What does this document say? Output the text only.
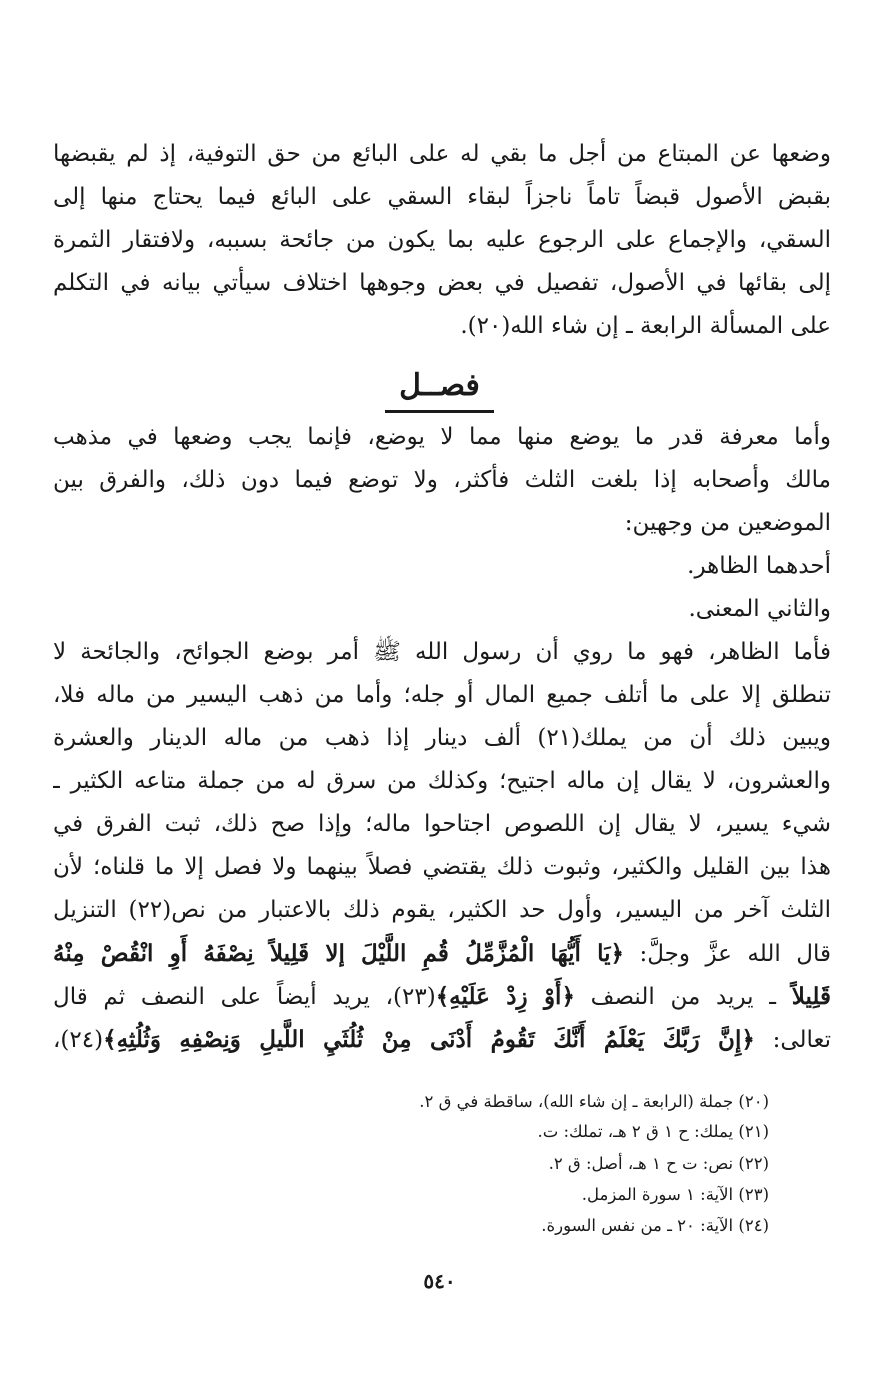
وضعها عن المبتاع من أجل ما بقي له على البائع من حق التوفية، إذ لم يقبضها
بقبض الأصول قبضاً تاماً ناجزاً لبقاء السقي على البائع فيما يحتاج منها إلى
السقي، والإجماع على الرجوع عليه بما يكون من جائحة بسببه، ولافتقار الثمرة
إلى بقائها في الأصول، تفصيل في بعض وجوهها اختلاف سيأتي بيانه في التكلم
على المسألة الرابعة ـ إن شاء الله(٢٠).
فصــل
وأما معرفة قدر ما يوضع منها مما لا يوضع، فإنما يجب وضعها في مذهب
مالك وأصحابه إذا بلغت الثلث فأكثر، ولا توضع فيما دون ذلك، والفرق بين
الموضعين من وجهين:
أحدهما الظاهر.
والثاني المعنى.
فأما الظاهر، فهو ما روي أن رسول الله ﷺ أمر بوضع الجوائح، والجائحة لا
تنطلق إلا على ما أتلف جميع المال أو جله؛ وأما من ذهب اليسير من ماله فلا،
ويبين ذلك أن من يملك(٢١) ألف دينار إذا ذهب من ماله الدينار والعشرة
والعشرون، لا يقال إن ماله اجتيح؛ وكذلك من سرق له من جملة متاعه الكثير ـ
شيء يسير، لا يقال إن اللصوص اجتاحوا ماله؛ وإذا صح ذلك، ثبت الفرق في
هذا بين القليل والكثير، وثبوت ذلك يقتضي فصلاً بينهما ولا فصل إلا ما قلناه؛ لأن
الثلث آخر من اليسير، وأول حد الكثير، يقوم ذلك بالاعتبار من نص(٢٢) التنزيل
قال الله عزَّ وجلَّ: ﴿يَا أَيُّهَا الْمُزَّمِّلُ قُمِ اللَّيْلَ إلا قَلِيلاً نِصْفَهُ أَوِ انْقُصْ مِنْهُ
قَلِيلاً ـ يريد من النصف ﴿أَوْ زِدْ عَلَيْهِ﴾(٢٣)، يريد أيضاً على النصف ثم قال
تعالى: ﴿إِنَّ رَبَّكَ يَعْلَمُ أَنَّكَ تَقُومُ أَدْنَى مِنْ ثُلُثَيِ اللَّيلِ وَنِصْفِهِ وَثُلُثِهِ﴾(٢٤)،
(٢٠) جملة (الرابعة ـ إن شاء الله)، ساقطة في ق ٢.
(٢١) يملك: ح ١ ق ٢ هـ، تملك: ت.
(٢٢) نص: ت ح ١ هـ، أصل: ق ٢.
(٢٣) الآية: ١ سورة المزمل.
(٢٤) الآية: ٢٠ ـ من نفس السورة.
٥٤٠
